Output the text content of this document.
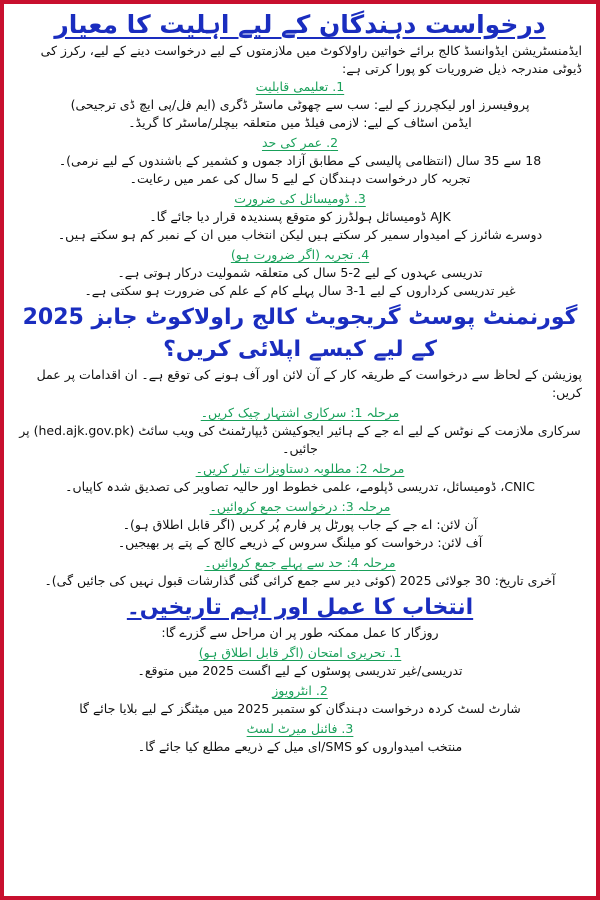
درخواست دہندگان کے لیے اہلیت کا معیار
ایڈمنسٹریشن ایڈوانسڈ کالج برائے خواتین راولاکوٹ میں ملازمتوں کے لیے درخواست دینے کے لیے، رکرز کی ڈیوٹی مندرجہ ذیل ضروریات کو پورا کرتی ہے:
1. تعلیمی قابلیت
پروفیسرز اور لیکچررز کے لیے: سب سے چھوٹی ماسٹر ڈگری (ایم فل/پی ایچ ڈی ترجیحی)
ایڈمن اسٹاف کے لیے: لازمی فیلڈ میں متعلقہ بیچلر/ماسٹر کا گریڈ۔
2. عمر کی حد
18 سے 35 سال (انتظامی پالیسی کے مطابق آزاد جموں و کشمیر کے باشندوں کے لیے نرمی)۔
تجربہ کار درخواست دہندگان کے لیے 5 سال کی عمر میں رعایت۔
3. ڈومیسائل کی ضرورت
AJK ڈومیسائل ہولڈرز کو متوقع پسندیدہ قرار دیا جائے گا۔
دوسرے شائرز کے امیدوار سمیر کر سکتے ہیں لیکن انتخاب میں ان کے نمبر کم ہو سکتے ہیں۔
4. تجربہ (اگر ضرورت ہو)
تدریسی عہدوں کے لیے 2-5 سال کی متعلقہ شمولیت درکار ہوتی ہے۔
غیر تدریسی کرداروں کے لیے 1-3 سال پہلے کام کے علم کی ضرورت ہو سکتی ہے۔
گورنمنٹ پوسٹ گریجویٹ کالج راولاکوٹ جابز 2025 کے لیے کیسے اپلائی کریں؟
پوزیشن کے لحاظ سے درخواست کے طریقہ کار کے آن لائن اور آف ہونے کی توقع ہے۔ ان اقدامات پر عمل کریں:
مرحلہ 1: سرکاری اشتہار چیک کریں۔
سرکاری ملازمت کے نوٹس کے لیے اے جے کے ہائیر ایجوکیشن ڈیپارٹمنٹ کی ویب سائٹ (hed.ajk.gov.pk) پر جائیں۔
مرحلہ 2: مطلوبہ دستاویزات تیار کریں۔
CNIC، ڈومیسائل، تدریسی ڈپلومے، علمی خطوط اور حالیہ تصاویر کی تصدیق شدہ کاپیاں۔
مرحلہ 3: درخواست جمع کروائیں۔
آن لائن: اے جے کے جاب پورٹل پر فارم پُر کریں (اگر قابل اطلاق ہو)۔
آف لائن: درخواست کو میلنگ سروس کے ذریعے کالج کے پتے پر بھیجیں۔
مرحلہ 4: حد سے پہلے جمع کروائیں۔
آخری تاریخ: 30 جولائی 2025 (کوئی دیر سے جمع کرائی گئی گذارشات قبول نہیں کی جائیں گی)۔
انتخاب کا عمل اور اہم تاریخیں۔
روزگار کا عمل ممکنہ طور پر ان مراحل سے گزرے گا:
1. تحریری امتحان (اگر قابل اطلاق ہو)
تدریسی/غیر تدریسی پوسٹوں کے لیے اگست 2025 میں متوقع۔
2. انٹرویوز
شارٹ لسٹ کردہ درخواست دہندگان کو ستمبر 2025 میں میٹنگز کے لیے بلایا جائے گا
3. فائنل میرٹ لسٹ
منتخب امیدواروں کو SMS/ای میل کے ذریعے مطلع کیا جائے گا۔
